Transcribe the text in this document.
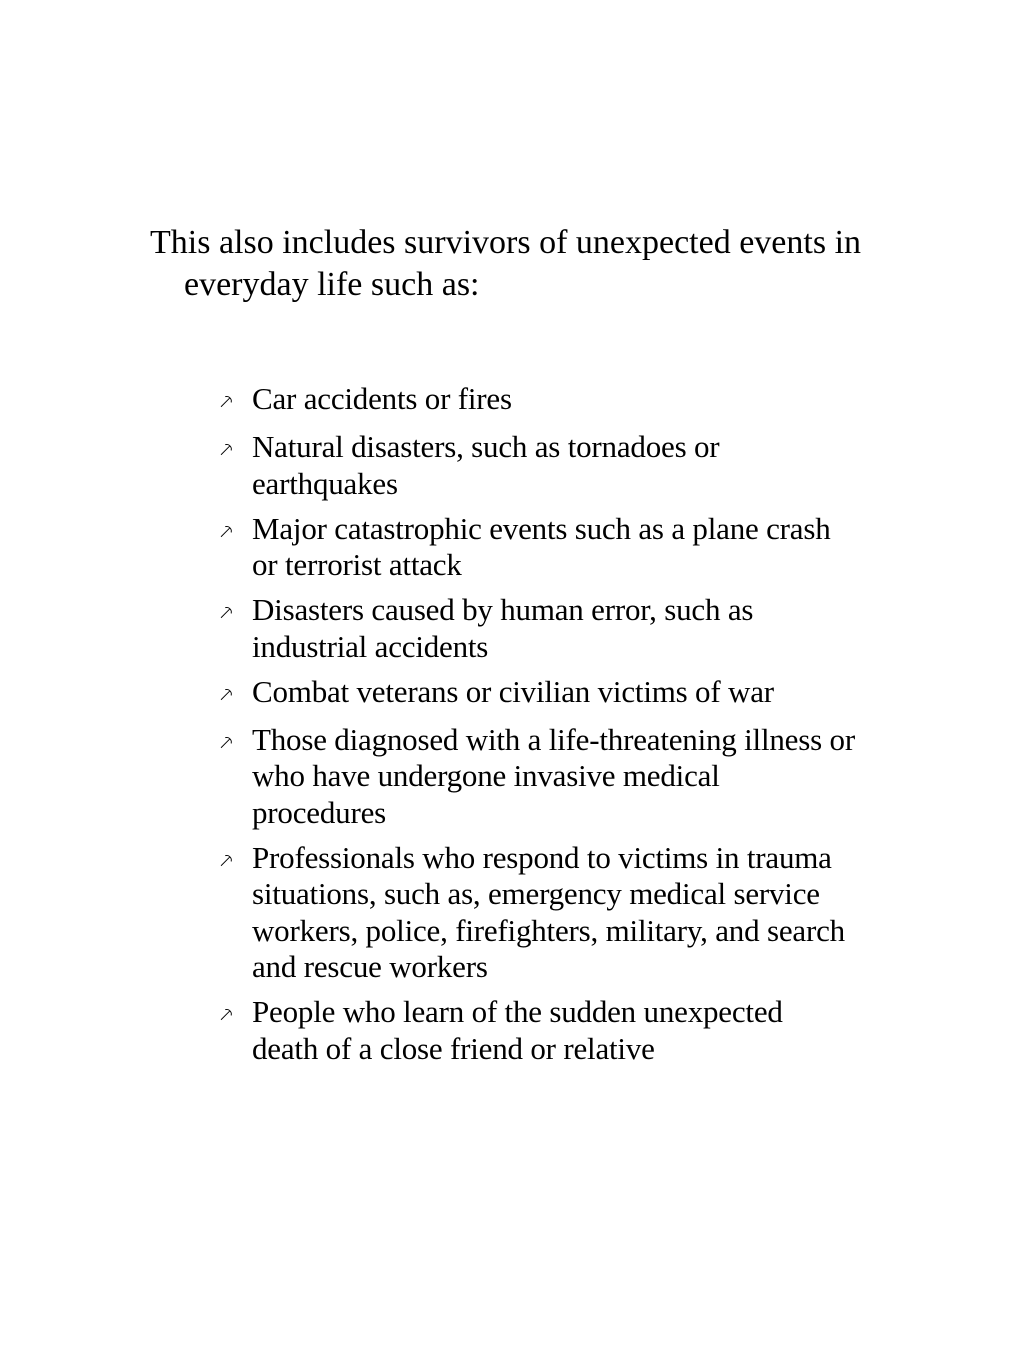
This also includes survivors of unexpected events in everyday life such as:

⸕ Car accidents or fires
⸕ Natural disasters, such as tornadoes or earthquakes
⸕ Major catastrophic events such as a plane crash or terrorist attack
⸕ Disasters caused by human error, such as industrial accidents
⸕ Combat veterans or civilian victims of war
⸕ Those diagnosed with a life-threatening illness or who have undergone invasive medical procedures
⸕ Professionals who respond to victims in trauma situations, such as, emergency medical service workers, police, firefighters, military, and search and rescue workers
⸕ People who learn of the sudden unexpected death of a close friend or relative
